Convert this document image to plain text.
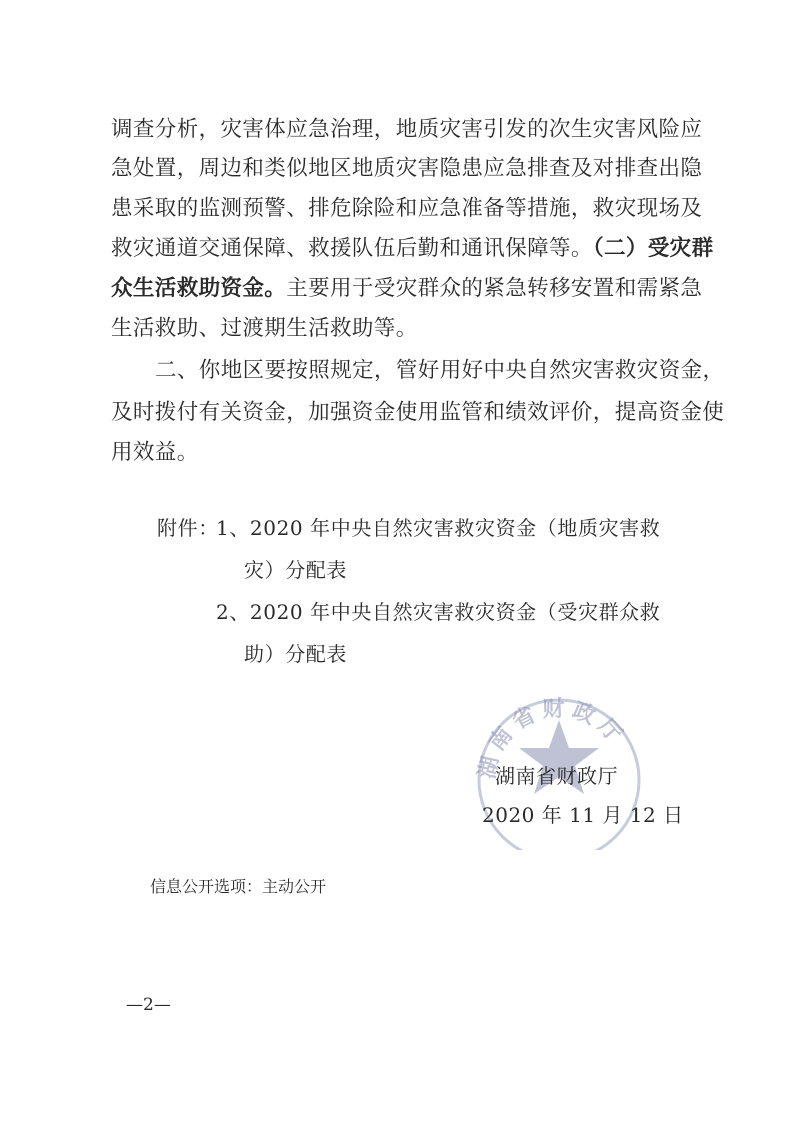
调查分析，灾害体应急治理，地质灾害引发的次生灾害风险应
急处置，周边和类似地区地质灾害隐患应急排查及对排查出隐
患采取的监测预警、排危除险和应急准备等措施，救灾现场及
救灾通道交通保障、救援队伍后勤和通讯保障等。（二）受灾群
众生活救助资金。主要用于受灾群众的紧急转移安置和需紧急
生活救助、过渡期生活救助等。
二、你地区要按照规定，管好用好中央自然灾害救灾资金，
及时拨付有关资金，加强资金使用监管和绩效评价，提高资金使
用效益。
附件：
1、2020 年中央自然灾害救灾资金（地质灾害救
灾）分配表
2、2020 年中央自然灾害救灾资金（受灾群众救
助）分配表
湖南省财政厅
湖南省财政厅
2020 年 11 月 12 日
信息公开选项：主动公开
—2—
